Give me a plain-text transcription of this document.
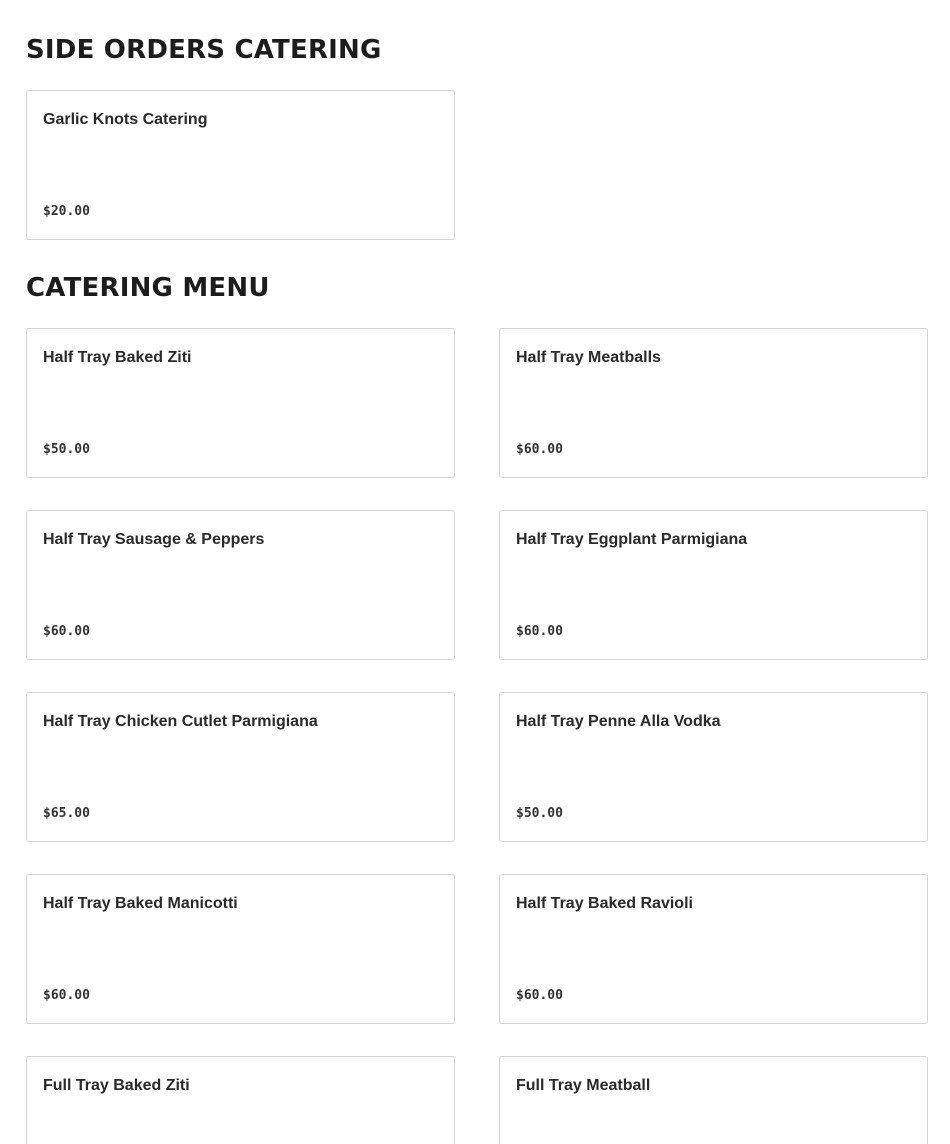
SIDE ORDERS CATERING
Garlic Knots Catering
$20.00
CATERING MENU
Half Tray Baked Ziti
$50.00
Half Tray Meatballs
$60.00
Half Tray Sausage & Peppers
$60.00
Half Tray Eggplant Parmigiana
$60.00
Half Tray Chicken Cutlet Parmigiana
$65.00
Half Tray Penne Alla Vodka
$50.00
Half Tray Baked Manicotti
$60.00
Half Tray Baked Ravioli
$60.00
Full Tray Baked Ziti	Full Tray Meatball
